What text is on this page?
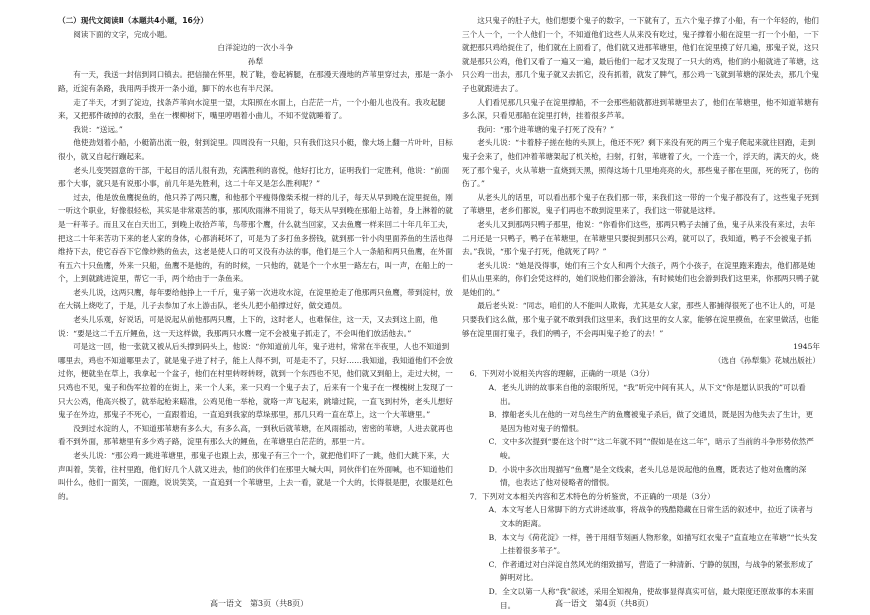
（二）现代文阅读Ⅱ（本题共4小题，16分）

阅读下面的文字，完成小题。

白洋淀边的一次小斗争

孙犁

有一天，我送一封信到同口镇去。把信揣在怀里，脱了鞋，卷起裤腿，在那漫天漫地的芦苇里穿过去，那是一条小路，近淀有条路，我用两手拨开一条小道，脚下的水也有半尺深。

走了半天，才到了淀边，找条芦苇向水淀里一望，太阳照在水面上，白茫茫一片，一个小船儿也没有。我攻起腿来，又把那件破掉的衣服，坐在一棵柳树下，嘴里哼唱着小曲儿，不知不觉就睡着了。

我说：“送远。”

他使劲划着小船，小艇箭出流一般，射到淀里。四周没有一只船，只有我们这只小艇，像大场上翻一片叶叶，目标很小，就又自起行蹦起来。

老头儿变哭固意的干部，干起目的活儿很有劲，充满胜利的喜悦，他好打比方，证明我们一定胜利，他说：“前面那个大事，就只是有说那小事，前几年是先胜利，这二十年又是怎么胜利呢？”

过去，他是放鱼鹰捉鱼的，他只养了两只鹰，和他那个平瘦得像柴禾棍一样的儿子，每天从早到晚在淀里捉鱼，刚一听这个职业，好像很轻松，其实是非常艰苦的事，那风吹雨淋不用说了，每天从早到晚在那船上站着，身上淋着的就是一秆苇子。而且又在白天出工，到晚上收拾芦苇，鸟带那个鹰，什么就当回家，又去鱼鹰一样来回二十年几年工夫，把这二十年来苦功下来的老人家的身体，心都消耗坏了，可是为了多打鱼多捞钱，就到那一针小肉里面养鱼的生活也得维持下去，使它吞吞下它像炒熟的鱼去，这老是使人口的可又没有办法的事，他们是三个人一条船和两只鱼鹰，在外面有五六十只鱼鹰，外来一只船，鱼鹰不是他的，有的时候，一只他的，就是个一个水里一路左右，叫一声，在船上的一个，上到就跳进淀里，帮它一手，两个给由于一条鱼来。

老头儿说，这两只鹰，每年要给他挣上一千斤，鬼子第一次进攻水淀，在淀里抢走了他那两只鱼鹰，带到淀村，放在大锅上烧吃了，于是，儿子去参加了水上游击队，老头儿把小船撑过好，做交通员。

老头儿乐观，好说话，可是说起从前他那两只鹰，上下的，这时老人，也难保住，这一天，又去到这上面，他说：“要是这二千五斤鲤鱼，这一天这样做，我那两只水鹰一定不会被鬼子抓走了，不会叫他们放活他去。”

可是这一回，他一张就又被从后头撑到码头上，他说：“你知道前儿年，鬼子进村，常常在半夜里，人也不知道到哪里去，鸡也不知道哪里去了，就是鬼子进了村子，能上人得不到，可是走不了，只好……我知道，我知道他们不会放过你，便就坐在草上，我拿起一个盆子，他们在村里转呀转呀，就到一个东西也不见，他们就又到船上，走过大树，一只鸡也不见，鬼子和伪军拉着的在街上，来一个人来，来一只鸡一个鬼子去了，后来有一个鬼子在一棵槐树上发现了一只大公鸡，他高兴极了，就举起枪来瞄准，公鸡见他一举枪，就咯一声飞起来，跳墙过院，一直飞到村外，老头儿想好鬼子在外边，那鬼子不死心，一直跟着追，一直追到我家的草垛那里，那几只鸡一直在草上，这一个大苇塘里。”

没到过水淀的人，不知道那苇塘有多么大，有多么高，一到秋后就苇塘，在风雨摇动，密密的苇塘，人进去就再也看不到外面，那苇塘里有多少鸡子路，淀里有那么大的鲤鱼，在苇塘里白茫茫的，那里一片。

老头儿说：“那公鸡一跳进苇塘里，那鬼子也跟上去，那鬼子有三个一个，就把他们吓了一跳，他们大跳下来，大声叫着，笑着，往村里跑，他们好几个人就又进去，他们的伙伴们在那里大喊大叫，同伙伴们在外面喊，也不知道他们叫什么，他们一面笑，一面跑，说说笑笑，一直追到一个苇塘里，上去一看，就是一个大的，长得很是肥，衣服是红色的。

这只鬼子的肚子大，他们想要个鬼子的数字，一下就有了，五六个鬼子撑了小船，有一个年轻的，他们三个人一个，一个人他们一个，不知道他们这些人从来没有吃过，鬼子撑着小船在淀里一打一个小船，一下就把那只鸡给捉住了，他们就在上面看了，他们就又进那苇塘里，他们在淀里摸了好几遍，那鬼子说，这只就是那只公鸡，他们又看了一遍又一遍，最后他们一起才又发现了一只大的鸡，他们的小船就进了苇塘，这只公鸡一出去，那几个鬼子就又去抓它，没有抓着，就发了脾气，那公鸡一飞就到苇塘的深处去，那几个鬼子也就跟进去了。

人们看见那几只鬼子在淀里撑船，不一会那些船就都进到苇塘里去了，他们在苇塘里，他不知道苇塘有多么深，只看见那船在淀里打转，挂着很多芦苇。

我问：“那个进苇塘的鬼子打死了没有？”

老头儿说：“卡着脖子搓在他的头顶上，他还不死？剩下来没有死的两三个鬼子爬起来就往回跑，走到鬼子会来了，他们冲着苇塘架起了机关枪，扫射，打射，苇塘着了火，一个连一个，浮天的，满天的火，烧死了那个鬼子，火从苇塘一直烧到天黑，照得这场十几里地亮亮的火，那些鬼子都在里面，死的死了，伤的伤了。”

从老头儿的话里，可以看出那个鬼子在我们那一带，来我们这一带的一个鬼子都没有了，这些鬼子死到了苇塘里，老乡们都说，鬼子们再也不敢到淀里来了，我们这一带就是这样。

老头儿又到那两只鸭子那里，他说：“你看你们这些，那两只鸭子去捕了鱼，鬼子从来没有来过，去年二月还是一只鸭子，鸭子在苇塘里，在苇塘里只要捉到那只公鸡，就可以了，我知道，鸭子不会被鬼子抓去。”我说，“那个鬼子打死，他就死了吗？”

老头儿说：“她是没得事，她们有三个女人和两个大孩子，两个小孩子，在淀里跑来跑去，他们都是她们从山里来的，你们会凭这样的，她们说他们都会游泳，有时候她们也会游到我们这里来，你那两只鸭子就是她们的。”

最后老头说：“同志，咱们的人不能叫人欺侮，尤其是女人家，那些人都捕得很死了也不让人的，可是只要我们这么做，那个鬼子就不敢到我们这里来，我们这里的女人家，能够在淀里摸鱼，在家里做活，也能够在淀里面打鬼子，我们的鸭子，不会再叫鬼子抢了的去！”

1945年

（选自《孙犁集》花城出版社）

6．下列对小说相关内容的理解，正确的一项是（3分）

A．老头儿讲的故事来自他的亲眼所见，“我”听完中间有其人，从下文“你是愿认识我的”可以看出。

B．撑船老头儿在他的一对鸟丝生产的鱼鹰被鬼子杀后，做了交通员，既是因为他失去了生计，更是因为他对鬼子的憎恨。

C．文中多次提到“要在这个时”“这二年就不同”“假如是在这二年”，暗示了当前的斗争形势依然严峻。

D．小说中多次出现描写“鱼鹰”是全文线索，老头儿总是说起他的鱼鹰，既表达了他对鱼鹰的深情，也表达了他对侵略者的憎恨。

7．下列对文本相关内容和艺术特色的分析鉴赏，不正确的一项是（3分）

A．本文写老人日常脚下的方式讲述故事，将战争的残酷隐藏在日常生活的叙述中，拉近了读者与文本的距离。

B．本文与《荷花淀》一样，善于用细节刻画人物形象，如描写红衣鬼子“直直地立在苇塘”“长头发上挂着很多苇子”。

C．作者通过对白洋淀自然风光的细致描写，营造了一种清新、宁静的氛围，与战争的紧张形成了鲜明对比。

D．全文以第一人称“我”叙述，采用全知视角，使故事显得真实可信，最大限度还原故事的本来面目。

高一语文　第3页（共8页）	高一语文　第4页（共8页）
